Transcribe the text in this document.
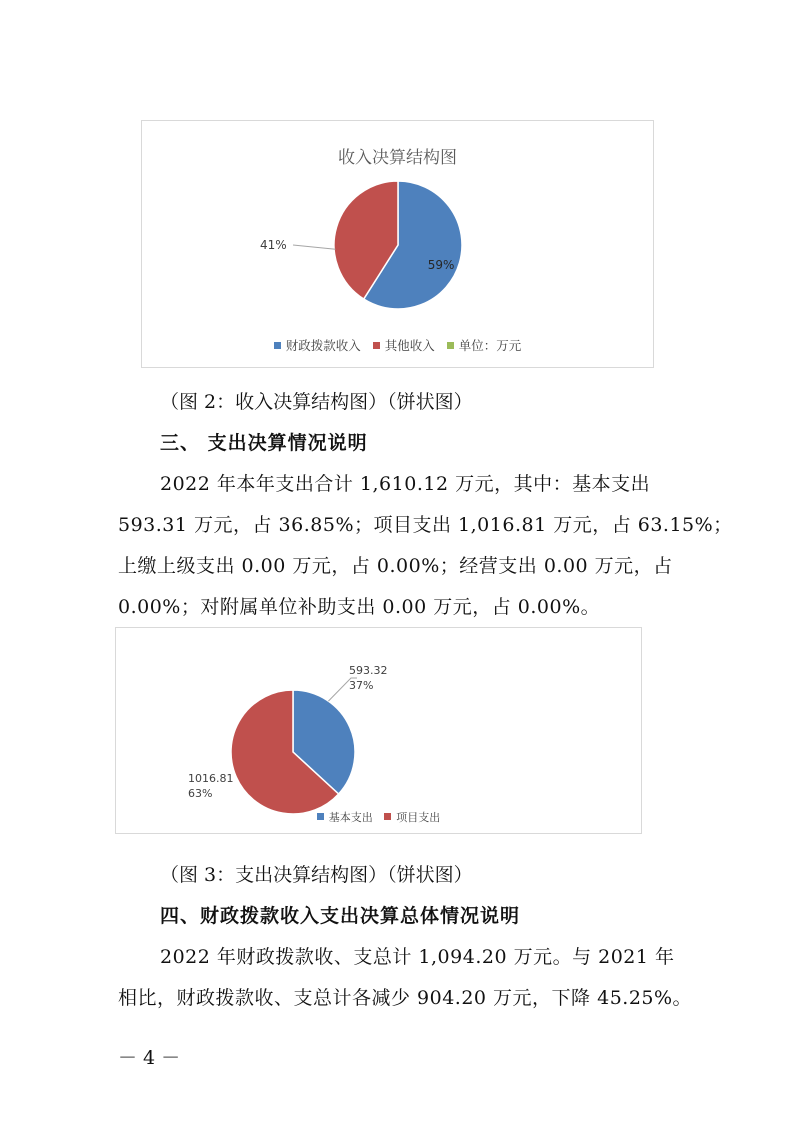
收入决算结构图
59%
41%
财政拨款收入 其他收入 单位：万元
（图 2：收入决算结构图）（饼状图）
三、 支出决算情况说明
2022 年本年支出合计 1,610.12 万元，其中：基本支出
593.31 万元，占 36.85%；项目支出 1,016.81 万元，占 63.15%；
上缴上级支出 0.00 万元，占 0.00%；经营支出 0.00 万元，占
0.00%；对附属单位补助支出 0.00 万元，占 0.00%。
593.32
37%
1016.81
63%
基本支出 项目支出
（图 3：支出决算结构图）（饼状图）
四、财政拨款收入支出决算总体情况说明
2022 年财政拨款收、支总计 1,094.20 万元。与 2021 年
相比，财政拨款收、支总计各减少 904.20 万元，下降 45.25%。
－ 4 －
